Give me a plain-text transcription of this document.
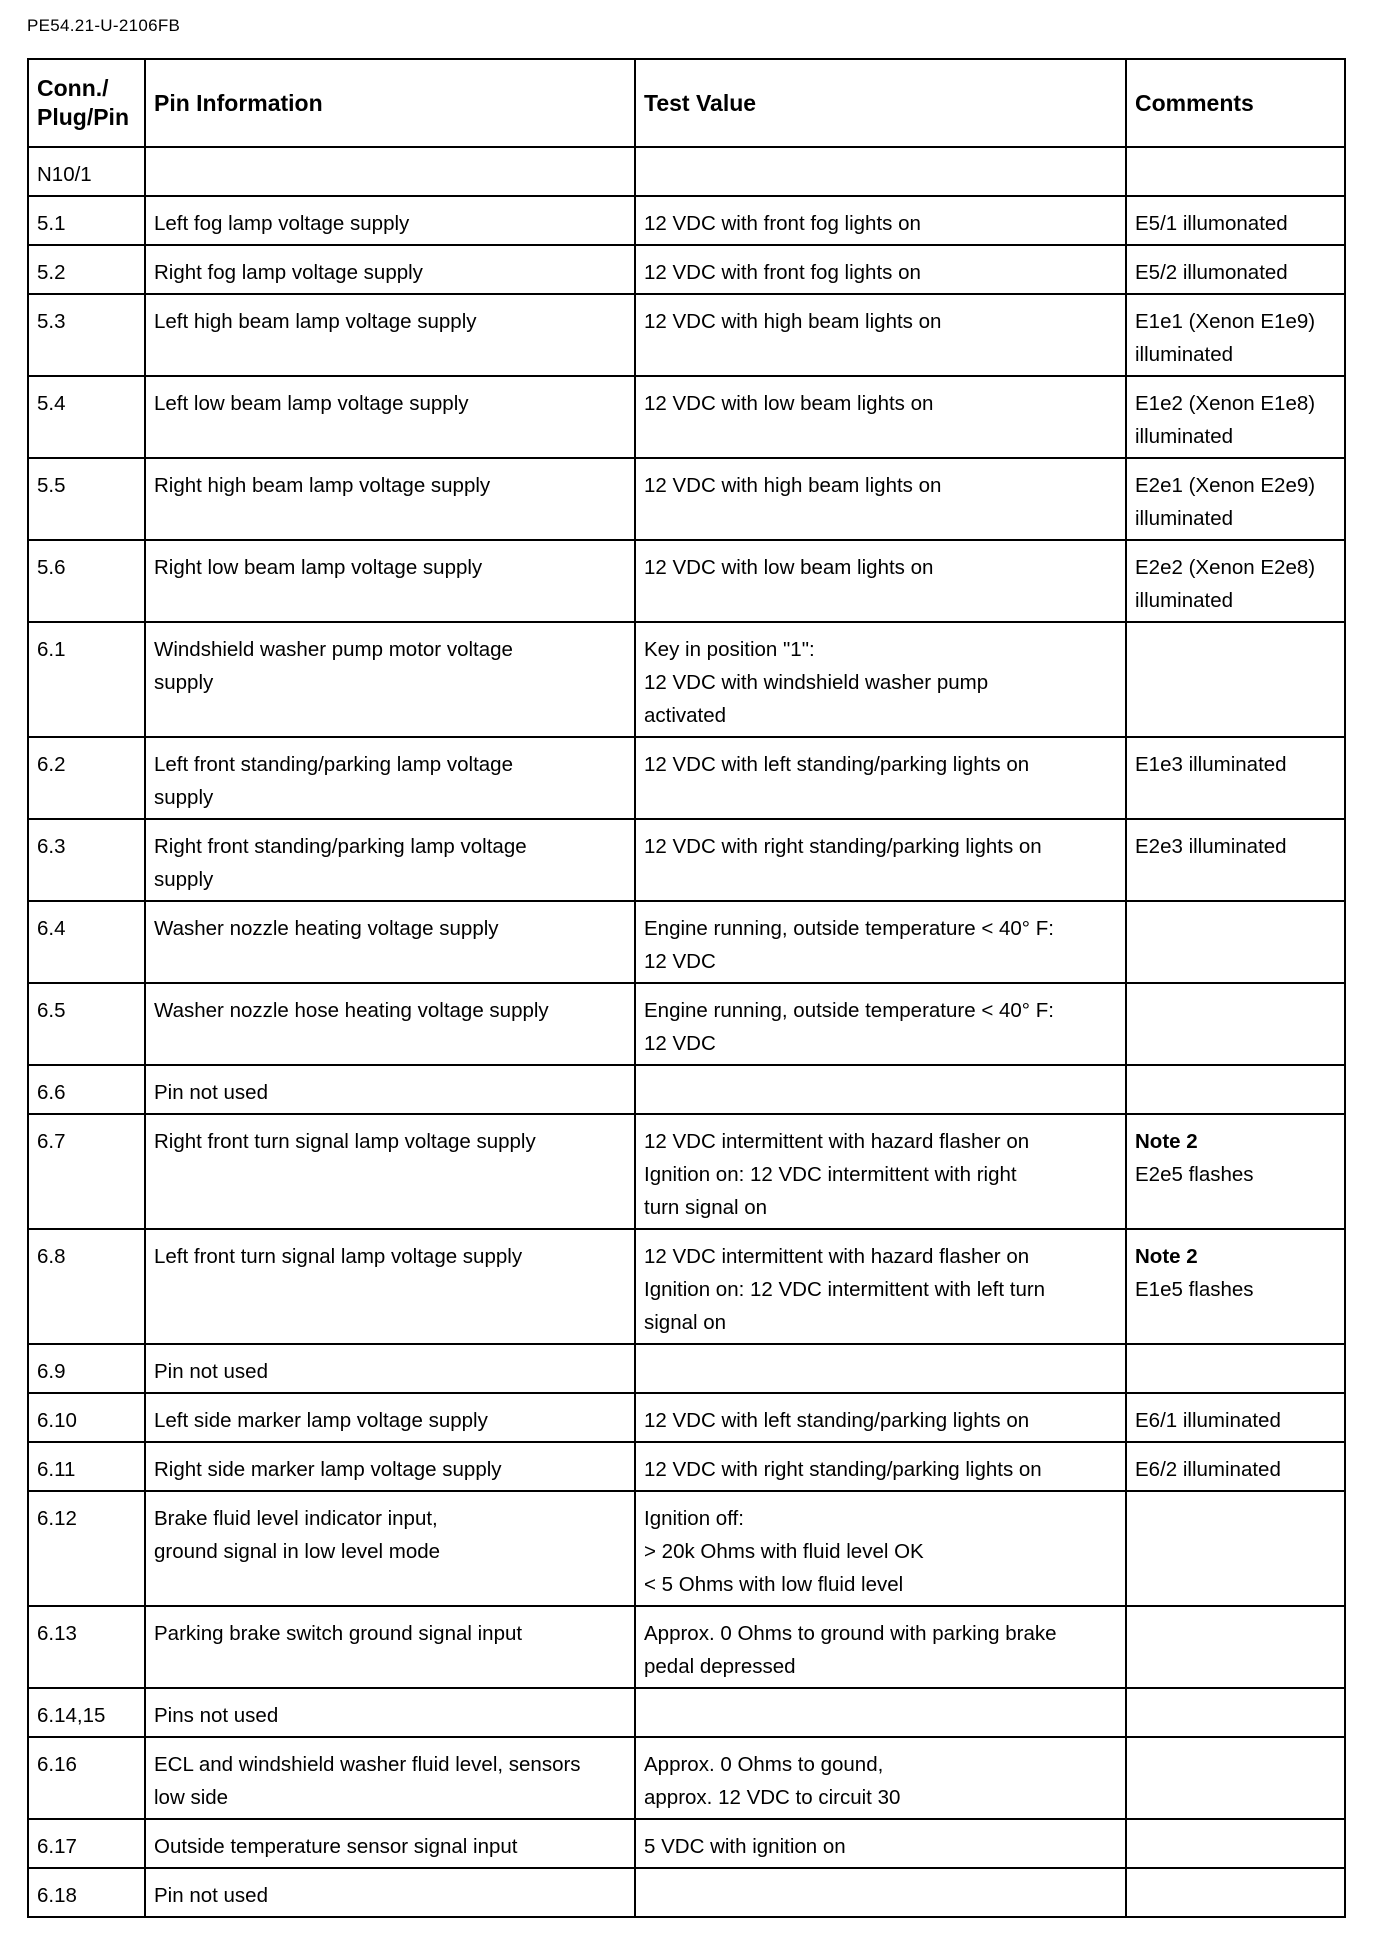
PE54.21-U-2106FB
Conn./
Plug/Pin	Pin Information	Test Value	Comments
N10/1			
5.1	Left fog lamp voltage supply	12 VDC with front fog lights on	E5/1 illumonated

5.2	Right fog lamp voltage supply	12 VDC with front fog lights on	E5/2 illumonated

5.3	Left high beam lamp voltage supply	12 VDC with high beam lights on	E1e1 (Xenon E1e9)
illuminated

5.4	Left low beam lamp voltage supply	12 VDC with low beam lights on	E1e2 (Xenon E1e8)
illuminated

5.5	Right high beam lamp voltage supply	12 VDC with high beam lights on	E2e1 (Xenon E2e9)
illuminated

5.6	Right low beam lamp voltage supply	12 VDC with low beam lights on	E2e2 (Xenon E2e8)
illuminated

6.1	Windshield washer pump motor voltage
supply	Key in position "1":
12 VDC with windshield washer pump
activated	

6.2	Left front standing/parking lamp voltage
supply	12 VDC with left standing/parking lights on	E1e3 illuminated

6.3	Right front standing/parking lamp voltage
supply	12 VDC with right standing/parking lights on	E2e3 illuminated

6.4	Washer nozzle heating voltage supply	Engine running, outside temperature < 40° F:
12 VDC	

6.5	Washer nozzle hose heating voltage supply	Engine running, outside temperature < 40° F:
12 VDC	

6.6	Pin not used		

6.7	Right front turn signal lamp voltage supply	12 VDC intermittent with hazard flasher on
Ignition on: 12 VDC intermittent with right
turn signal on	Note 2
E2e5 flashes

6.8	Left front turn signal lamp voltage supply	12 VDC intermittent with hazard flasher on
Ignition on: 12 VDC intermittent with left turn
signal on	Note 2
E1e5 flashes

6.9	Pin not used		

6.10	Left side marker lamp voltage supply	12 VDC with left standing/parking lights on	E6/1 illuminated

6.11	Right side marker lamp voltage supply	12 VDC with right standing/parking lights on	E6/2 illuminated

6.12	Brake fluid level indicator input,
ground signal in low level mode	Ignition off:
> 20k Ohms with fluid level OK
< 5 Ohms with low fluid level	

6.13	Parking brake switch ground signal input	Approx. 0 Ohms to ground with parking brake
pedal depressed	

6.14,15	Pins not used		

6.16	ECL and windshield washer fluid level, sensors
low side	Approx. 0 Ohms to gound,
approx. 12 VDC to circuit 30	

6.17	Outside temperature sensor signal input	5 VDC with ignition on	

6.18	Pin not used		
